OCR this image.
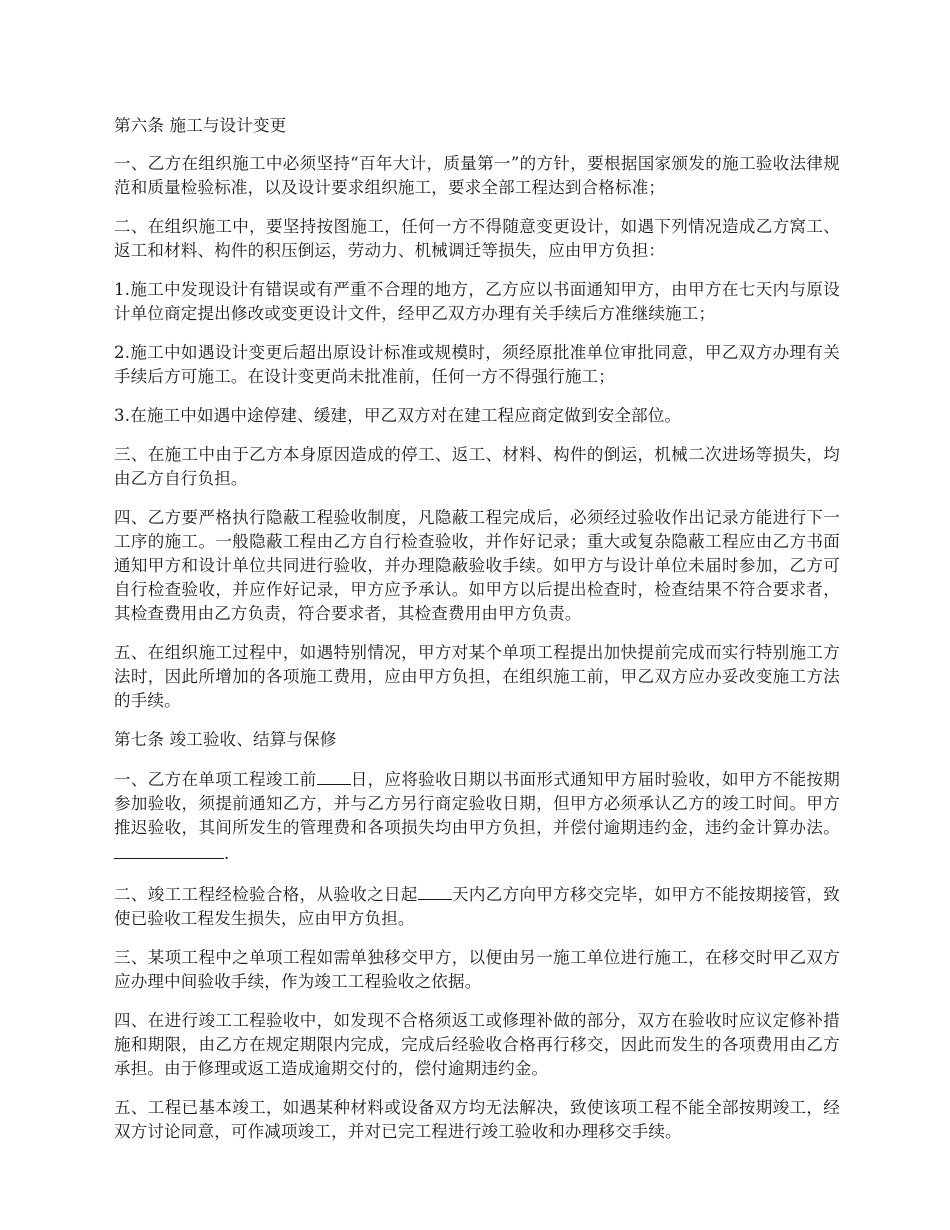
第六条 施工与设计变更

一、乙方在组织施工中必须坚持“百年大计，质量第一”的方针，要根据国家颁发的施工验收法律规范和质量检验标准，以及设计要求组织施工，要求全部工程达到合格标准；

二、在组织施工中，要坚持按图施工，任何一方不得随意变更设计，如遇下列情况造成乙方窝工、返工和材料、构件的积压倒运，劳动力、机械调迁等损失，应由甲方负担：

1.施工中发现设计有错误或有严重不合理的地方，乙方应以书面通知甲方，由甲方在七天内与原设计单位商定提出修改或变更设计文件，经甲乙双方办理有关手续后方准继续施工；

2.施工中如遇设计变更后超出原设计标准或规模时，须经原批准单位审批同意，甲乙双方办理有关手续后方可施工。在设计变更尚未批准前，任何一方不得强行施工；

3.在施工中如遇中途停建、缓建，甲乙双方对在建工程应商定做到安全部位。

三、在施工中由于乙方本身原因造成的停工、返工、材料、构件的倒运，机械二次进场等损失，均由乙方自行负担。

四、乙方要严格执行隐蔽工程验收制度，凡隐蔽工程完成后，必须经过验收作出记录方能进行下一工序的施工。一般隐蔽工程由乙方自行检查验收，并作好记录；重大或复杂隐蔽工程应由乙方书面通知甲方和设计单位共同进行验收，并办理隐蔽验收手续。如甲方与设计单位未届时参加，乙方可自行检查验收，并应作好记录，甲方应予承认。如甲方以后提出检查时，检查结果不符合要求者，其检查费用由乙方负责，符合要求者，其检查费用由甲方负责。

五、在组织施工过程中，如遇特别情况，甲方对某个单项工程提出加快提前完成而实行特别施工方法时，因此所增加的各项施工费用，应由甲方负担，在组织施工前，甲乙双方应办妥改变施工方法的手续。

第七条 竣工验收、结算与保修

一、乙方在单项工程竣工前 日，应将验收日期以书面形式通知甲方届时验收，如甲方不能按期参加验收，须提前通知乙方，并与乙方另行商定验收日期，但甲方必须承认乙方的竣工时间。甲方推迟验收，其间所发生的管理费和各项损失均由甲方负担，并偿付逾期违约金，违约金计算办法。.

二、竣工工程经检验合格，从验收之日起 天内乙方向甲方移交完毕，如甲方不能按期接管，致使已验收工程发生损失，应由甲方负担。

三、某项工程中之单项工程如需单独移交甲方，以便由另一施工单位进行施工，在移交时甲乙双方应办理中间验收手续，作为竣工工程验收之依据。

四、在进行竣工工程验收中，如发现不合格须返工或修理补做的部分，双方在验收时应议定修补措施和期限，由乙方在规定期限内完成，完成后经验收合格再行移交，因此而发生的各项费用由乙方承担。由于修理或返工造成逾期交付的，偿付逾期违约金。

五、工程已基本竣工，如遇某种材料或设备双方均无法解决，致使该项工程不能全部按期竣工，经双方讨论同意，可作减项竣工，并对已完工程进行竣工验收和办理移交手续。
